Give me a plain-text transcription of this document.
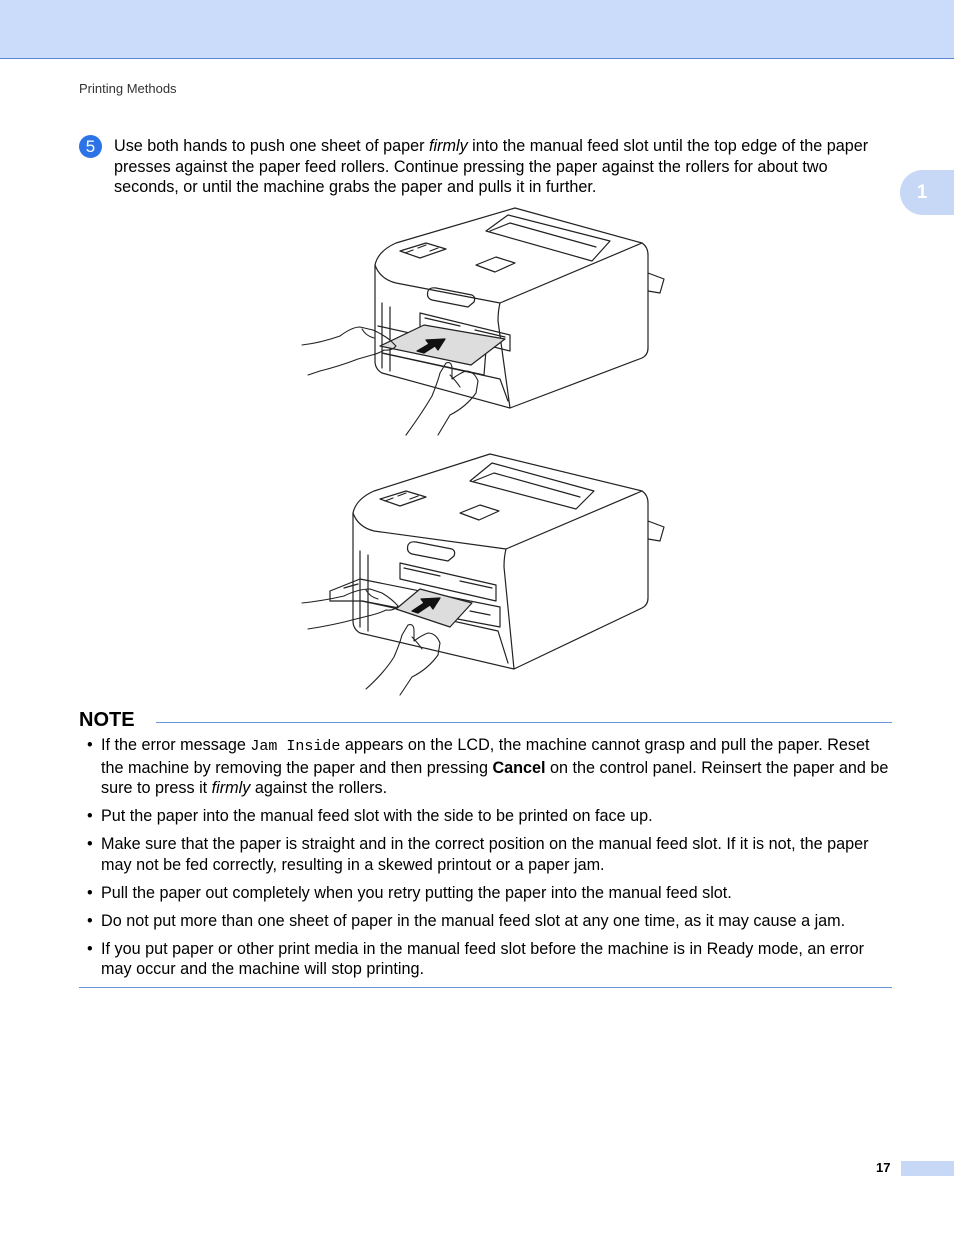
Printing Methods
1
5	Use both hands to push one sheet of paper firmly into the manual feed slot until the top edge of the paper presses against the paper feed rollers. Continue pressing the paper against the rollers for about two seconds, or until the machine grabs the paper and pulls it in further.
NOTE
• If the error message Jam Inside appears on the LCD, the machine cannot grasp and pull the paper. Reset the machine by removing the paper and then pressing Cancel on the control panel. Reinsert the paper and be sure to press it firmly against the rollers.
• Put the paper into the manual feed slot with the side to be printed on face up.
• Make sure that the paper is straight and in the correct position on the manual feed slot. If it is not, the paper may not be fed correctly, resulting in a skewed printout or a paper jam.
• Pull the paper out completely when you retry putting the paper into the manual feed slot.
• Do not put more than one sheet of paper in the manual feed slot at any one time, as it may cause a jam.
• If you put paper or other print media in the manual feed slot before the machine is in Ready mode, an error may occur and the machine will stop printing.
17
